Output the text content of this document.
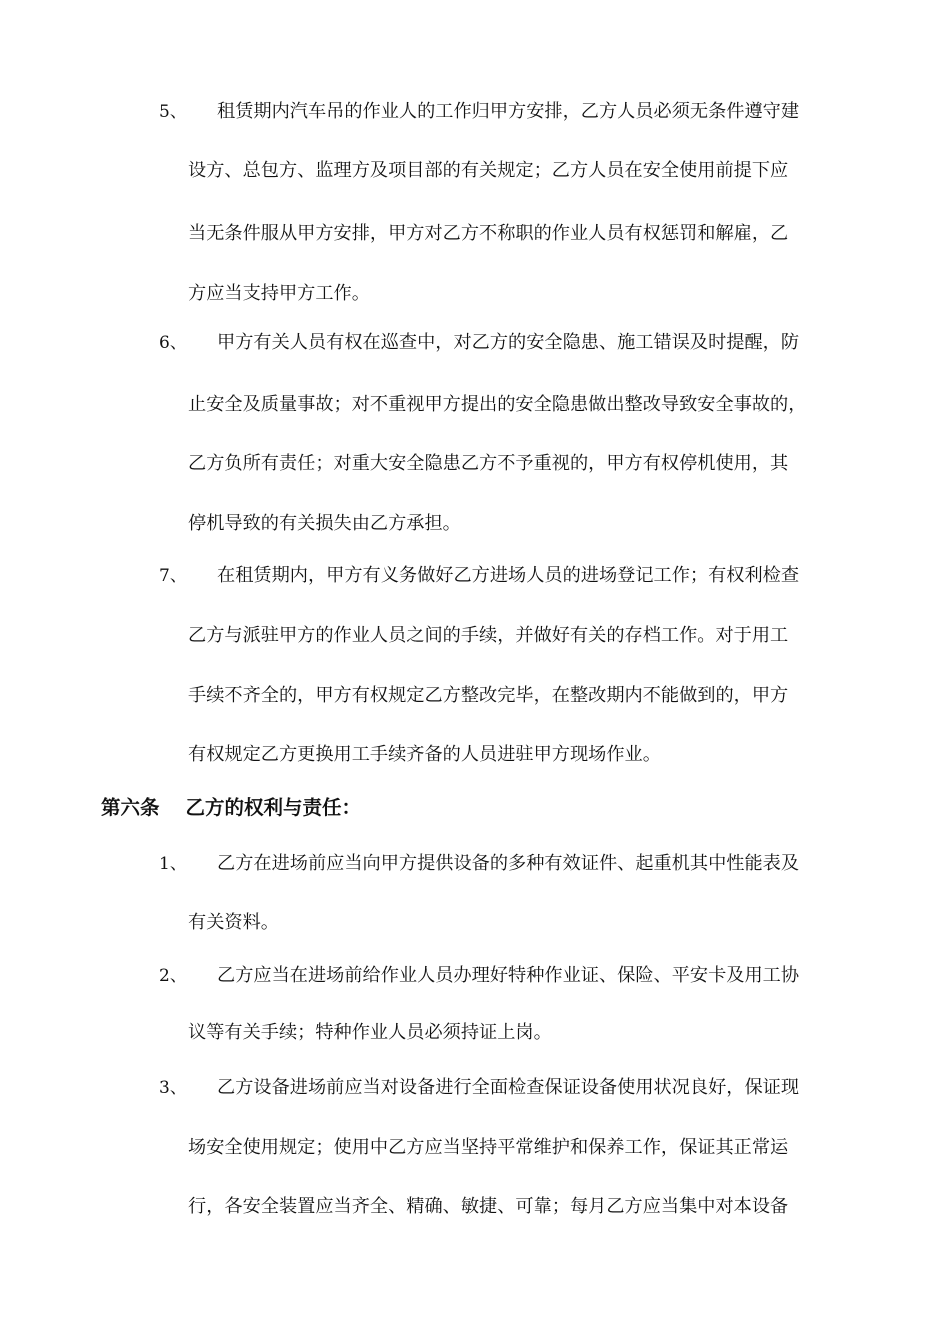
5、 租赁期内汽车吊的作业人的工作归甲方安排，乙方人员必须无条件遵守建
设方、总包方、监理方及项目部的有关规定；乙方人员在安全使用前提下应
当无条件服从甲方安排，甲方对乙方不称职的作业人员有权惩罚和解雇，乙
方应当支持甲方工作。
6、 甲方有关人员有权在巡查中，对乙方的安全隐患、施工错误及时提醒，防
止安全及质量事故；对不重视甲方提出的安全隐患做出整改导致安全事故的，
乙方负所有责任；对重大安全隐患乙方不予重视的，甲方有权停机使用，其
停机导致的有关损失由乙方承担。
7、 在租赁期内，甲方有义务做好乙方进场人员的进场登记工作；有权利检查
乙方与派驻甲方的作业人员之间的手续，并做好有关的存档工作。对于用工
手续不齐全的，甲方有权规定乙方整改完毕，在整改期内不能做到的，甲方
有权规定乙方更换用工手续齐备的人员进驻甲方现场作业。
第六条 乙方的权利与责任：
1、 乙方在进场前应当向甲方提供设备的多种有效证件、起重机其中性能表及
有关资料。
2、 乙方应当在进场前给作业人员办理好特种作业证、保险、平安卡及用工协
议等有关手续；特种作业人员必须持证上岗。
3、 乙方设备进场前应当对设备进行全面检查保证设备使用状况良好，保证现
场安全使用规定；使用中乙方应当坚持平常维护和保养工作，保证其正常运
行，各安全装置应当齐全、精确、敏捷、可靠；每月乙方应当集中对本设备
